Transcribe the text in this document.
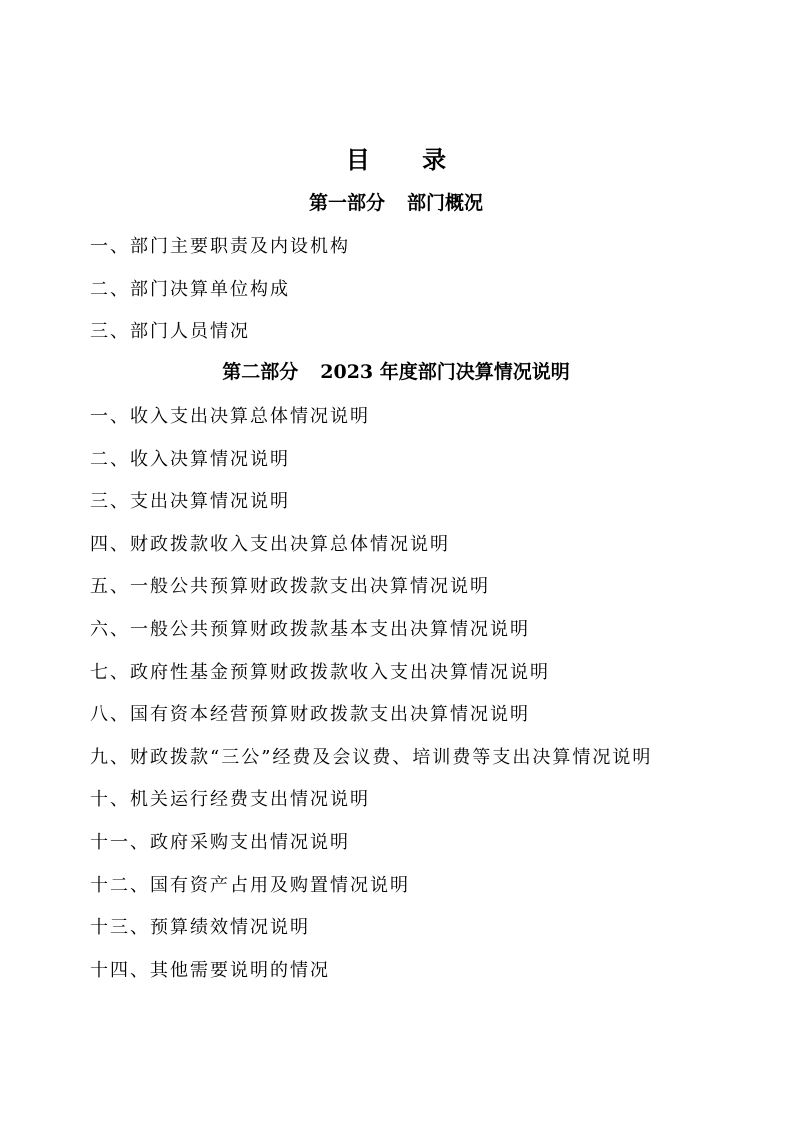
目 录
第一部分 部门概况
一、部门主要职责及内设机构
二、部门决算单位构成
三、部门人员情况
第二部分 2023 年度部门决算情况说明
一、收入支出决算总体情况说明
二、收入决算情况说明
三、支出决算情况说明
四、财政拨款收入支出决算总体情况说明
五、一般公共预算财政拨款支出决算情况说明
六、一般公共预算财政拨款基本支出决算情况说明
七、政府性基金预算财政拨款收入支出决算情况说明
八、国有资本经营预算财政拨款支出决算情况说明
九、财政拨款“三公”经费及会议费、培训费等支出决算情况说明
十、机关运行经费支出情况说明
十一、政府采购支出情况说明
十二、国有资产占用及购置情况说明
十三、预算绩效情况说明
十四、其他需要说明的情况
